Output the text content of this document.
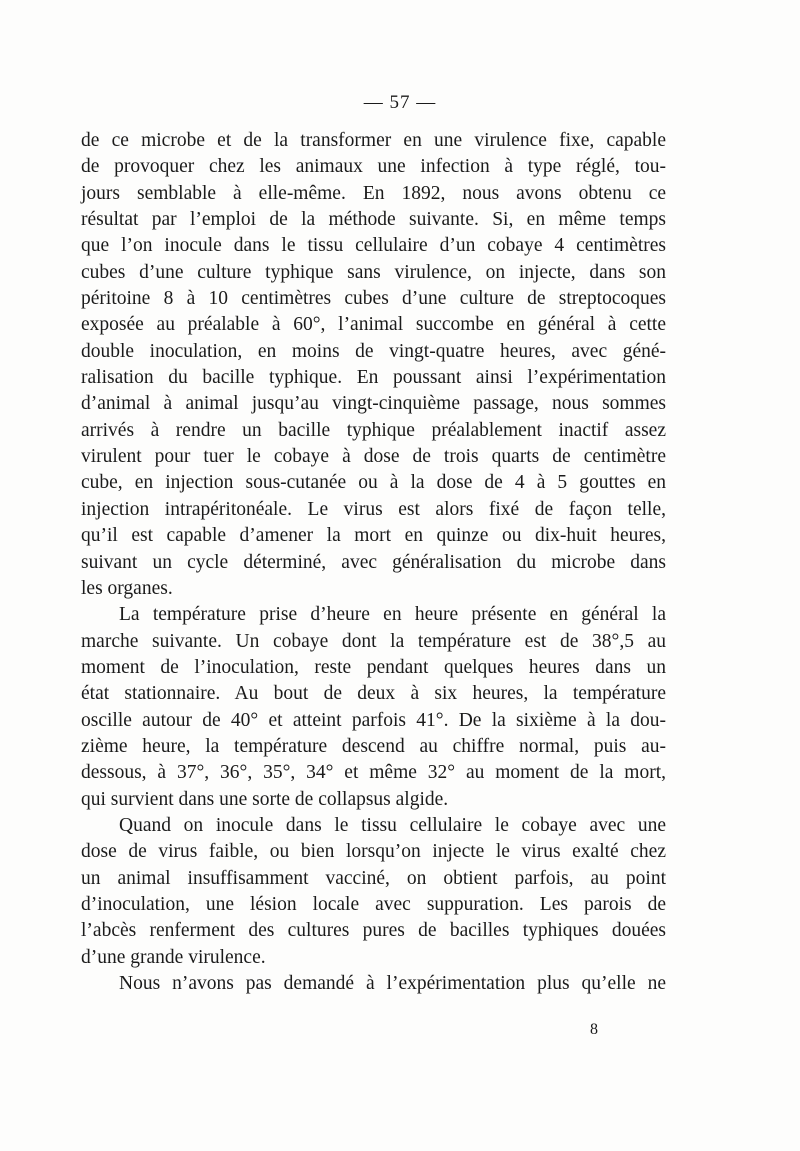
— 57 —
de ce microbe et de la transformer en une virulence fixe, capable
de provoquer chez les animaux une infection à type réglé, tou-
jours semblable à elle-même. En 1892, nous avons obtenu ce
résultat par l’emploi de la méthode suivante. Si, en même temps
que l’on inocule dans le tissu cellulaire d’un cobaye 4 centimètres
cubes d’une culture typhique sans virulence, on injecte, dans son
péritoine 8 à 10 centimètres cubes d’une culture de streptocoques
exposée au préalable à 60°, l’animal succombe en général à cette
double inoculation, en moins de vingt-quatre heures, avec géné-
ralisation du bacille typhique. En poussant ainsi l’expérimentation
d’animal à animal jusqu’au vingt-cinquième passage, nous sommes
arrivés à rendre un bacille typhique préalablement inactif assez
virulent pour tuer le cobaye à dose de trois quarts de centimètre
cube, en injection sous-cutanée ou à la dose de 4 à 5 gouttes en
injection intrapéritonéale. Le virus est alors fixé de façon telle,
qu’il est capable d’amener la mort en quinze ou dix-huit heures,
suivant un cycle déterminé, avec généralisation du microbe dans
les organes.
La température prise d’heure en heure présente en général la
marche suivante. Un cobaye dont la température est de 38°,5 au
moment de l’inoculation, reste pendant quelques heures dans un
état stationnaire. Au bout de deux à six heures, la température
oscille autour de 40° et atteint parfois 41°. De la sixième à la dou-
zième heure, la température descend au chiffre normal, puis au-
dessous, à 37°, 36°, 35°, 34° et même 32° au moment de la mort,
qui survient dans une sorte de collapsus algide.
Quand on inocule dans le tissu cellulaire le cobaye avec une
dose de virus faible, ou bien lorsqu’on injecte le virus exalté chez
un animal insuffisamment vacciné, on obtient parfois, au point
d’inoculation, une lésion locale avec suppuration. Les parois de
l’abcès renferment des cultures pures de bacilles typhiques douées
d’une grande virulence.
Nous n’avons pas demandé à l’expérimentation plus qu’elle ne
8
